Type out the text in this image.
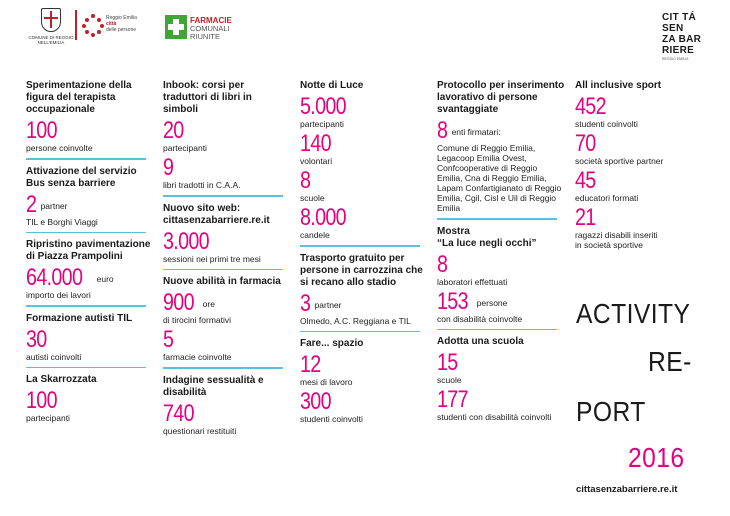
COMUNE DI REGGIO NELL'EMILIA
Reggio Emilia
città
delle persone
FARMACIE
COMUNALI
RIUNITE
CIT TÁ
SEN
ZA BAR
RIERE
REGGIO EMILIA
Sperimentazione della figura del terapista occupazionale
100
persone coinvolte
Attivazione del servizio Bus senza barriere
2 partner
TIL e Borghi Viaggi
Ripristino pavimentazione di Piazza Prampolini
64.000 euro
importo dei lavori
Formazione autisti TIL
30
autisti coinvolti
La Skarrozzata
100
partecipanti
Inbook: corsi per traduttori di libri in simboli
20
partecipanti
9
libri tradotti in C.A.A.
Nuovo sito web:
cittasenzabarriere.re.it
3.000
sessioni nei primi tre mesi
Nuove abilità in farmacia
900 ore
di tirocini formativi
5
farmacie coinvolte
Indagine sessualità e disabilità
740
questionari restituiti
Notte di Luce
5.000
partecipanti
140
volontari
8
scuole
8.000
candele
Trasporto gratuito per persone in carrozzina che si recano allo stadio
3 partner
Olmedo, A.C. Reggiana e TIL
Fare... spazio
12
mesi di lavoro
300
studenti coinvolti
Protocollo per inserimento lavorativo di persone svantaggiate
8 enti firmatari:
Comune di Reggio Emilia, Legacoop Emilia Ovest, Confcooperative di Reggio Emilia, Cna di Reggio Emilia, Lapam Confartigianato di Reggio Emilia, Cgil, Cisl e Uil di Reggio Emilia
Mostra
“La luce negli occhi”
8
laboratori effettuati
153 persone
con disabilità coinvolte
Adotta una scuola
15
scuole
177
studenti con disabilità coinvolti
All inclusive sport
452
studenti coinvolti
70
società sportive partner
45
educatori formati
21
ragazzi disabili inseriti
in società sportive
ACTIVITY
RE-
PORT
2016
cittasenzabarriere.re.it
